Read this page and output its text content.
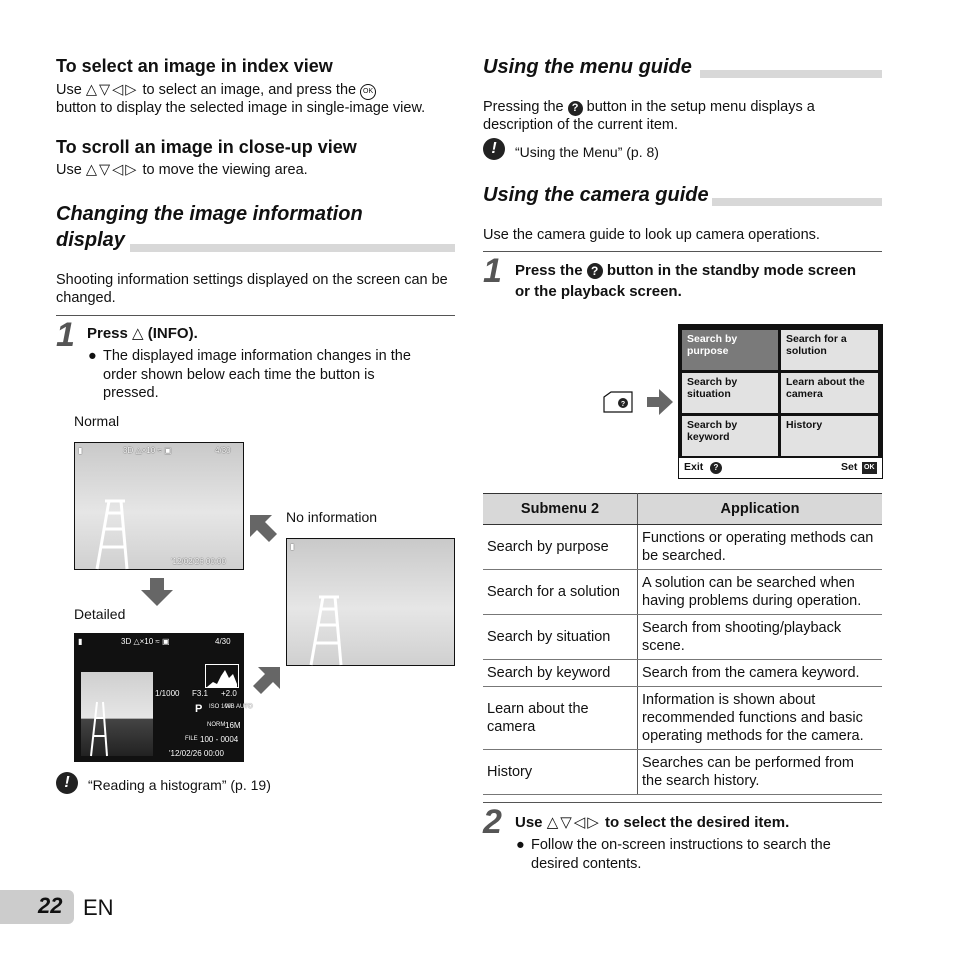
To select an image in index view
Use △▽◁▷ to select an image, and press the OK
button to display the selected image in single-image view.
To scroll an image in close-up view
Use △▽◁▷ to move the viewing area.
Changing the image information
display
Shooting information settings displayed on the screen can be changed.
1 Press △ (INFO).
● The displayed image information changes in the order shown below each time the button is pressed.
Normal
▮	3D △×10 ≈ ▣	4/30
'12/02/26 00:00
No information
▮
Detailed
▮	3D △×10 ≈ ▣	4/30
1/1000 F3.1 +2.0
P ISO 100
WB AUTO
NORM 16M
FILE 100 - 0004
'12/02/26 00:00
!	“Reading a histogram” (p. 19)
Using the menu guide
Pressing the ? button in the setup menu displays a description of the current item.
!	“Using the Menu” (p. 8)
Using the camera guide
Use the camera guide to look up camera operations.
1 Press the ? button in the standby mode screen or the playback screen.
?
Search by purpose
Search for a solution
Search by situation
Learn about the camera
Search by keyword
History
Exit	?	Set OK
Submenu 2	Application
Search by purpose	Functions or operating methods can be searched.
Search for a solution	A solution can be searched when having problems during operation.
Search by situation	Search from shooting/playback scene.
Search by keyword	Search from the camera keyword.
Learn about the camera	Information is shown about recommended functions and basic operating methods for the camera.
History	Searches can be performed from the search history.
2 Use △▽◁▷ to select the desired item.
● Follow the on-screen instructions to search the desired contents.
22 EN
